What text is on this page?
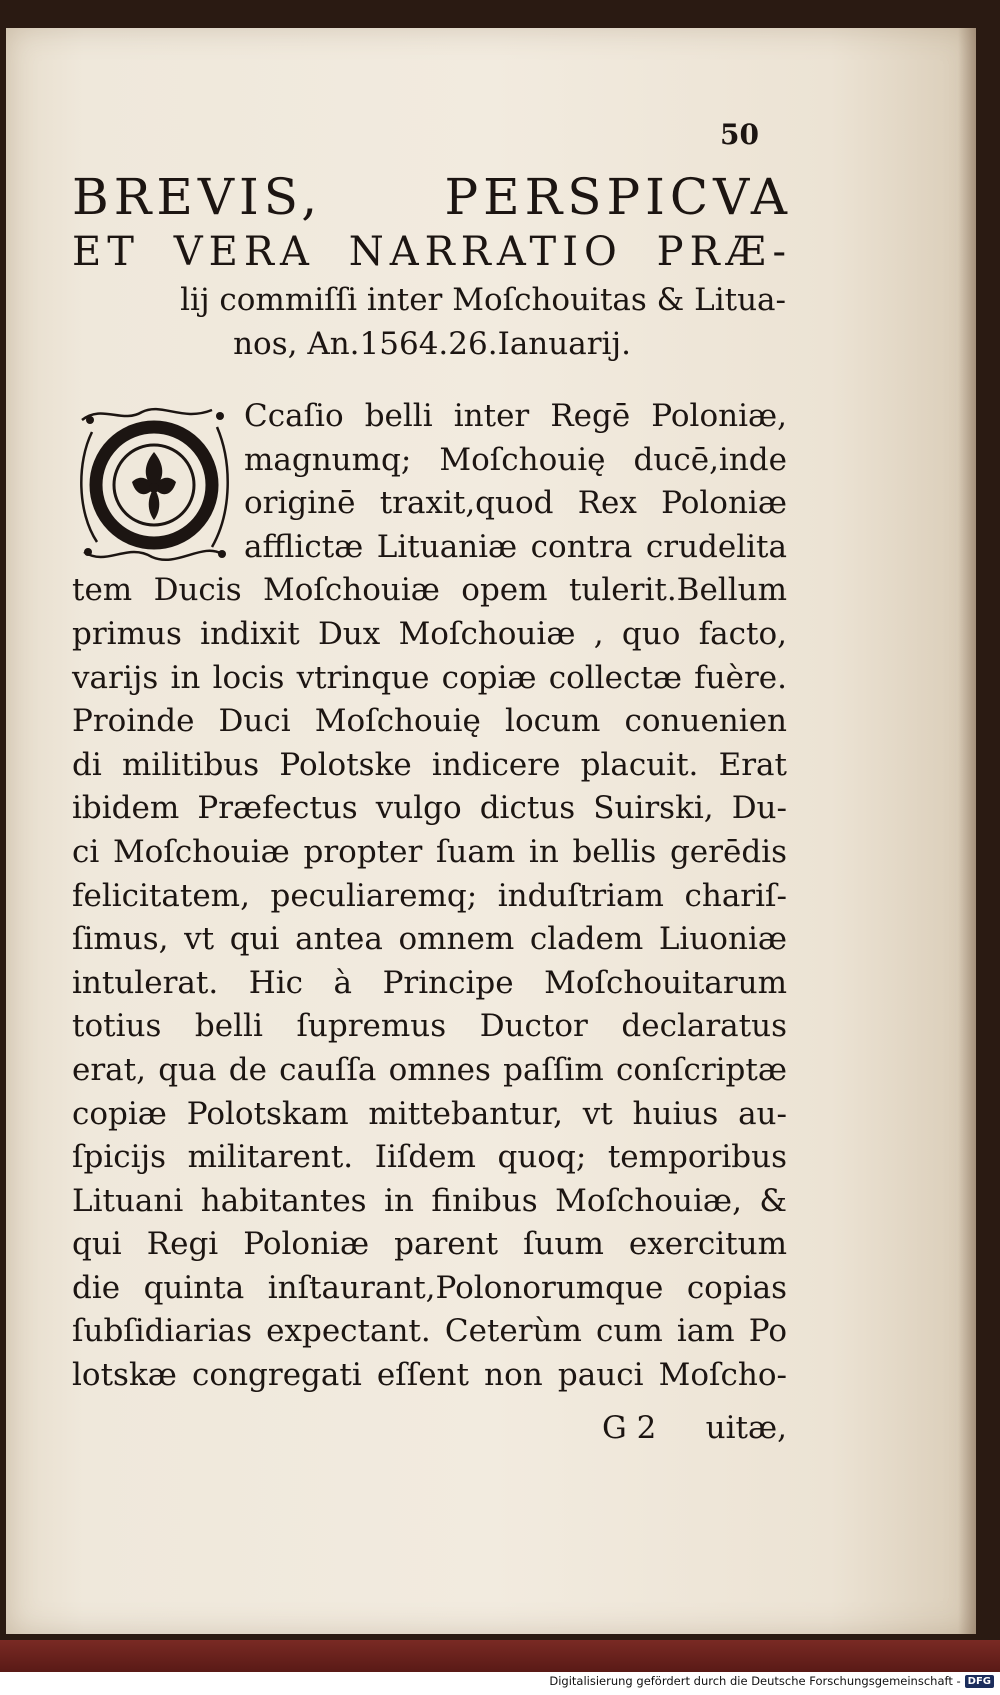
50
BREVIS, PERSPICVA
ET VERA NARRATIO PRÆ-
lij commiſſi inter Moſchouitas & Litua-
nos, An.1564.26.Ianuarij.
Ccaſio belli inter Regē Poloniæ,
magnumq; Moſchouię ducē,inde
originē traxit,quod Rex Poloniæ
afflictæ Lituaniæ contra crudelita
tem Ducis Moſchouiæ opem tulerit.Bellum
primus indixit Dux Moſchouiæ , quo facto,
varijs in locis vtrinque copiæ collectæ fuère.
Proinde Duci Moſchouię locum conuenien
di militibus Polotske indicere placuit. Erat
ibidem Præfectus vulgo dictus Suirski, Du-
ci Moſchouiæ propter ſuam in bellis gerēdis
felicitatem, peculiaremq; induſtriam chariſ-
ſimus, vt qui antea omnem cladem Liuoniæ
intulerat. Hic à Principe Moſchouitarum
totius belli ſupremus Ductor declaratus
erat, qua de cauſſa omnes paſſim conſcriptæ
copiæ Polotskam mittebantur, vt huius au-
ſpicijs militarent. Iiſdem quoq; temporibus
Lituani habitantes in finibus Moſchouiæ, &
qui Regi Poloniæ parent ſuum exercitum
die quinta inſtaurant,Polonorumque copias
ſubſidiarias expectant. Ceterùm cum iam Po
lotskæ congregati eſſent non pauci Moſcho-
G 2 uitæ,
Digitalisierung gefördert durch die Deutsche Forschungsgemeinschaft - DFG
